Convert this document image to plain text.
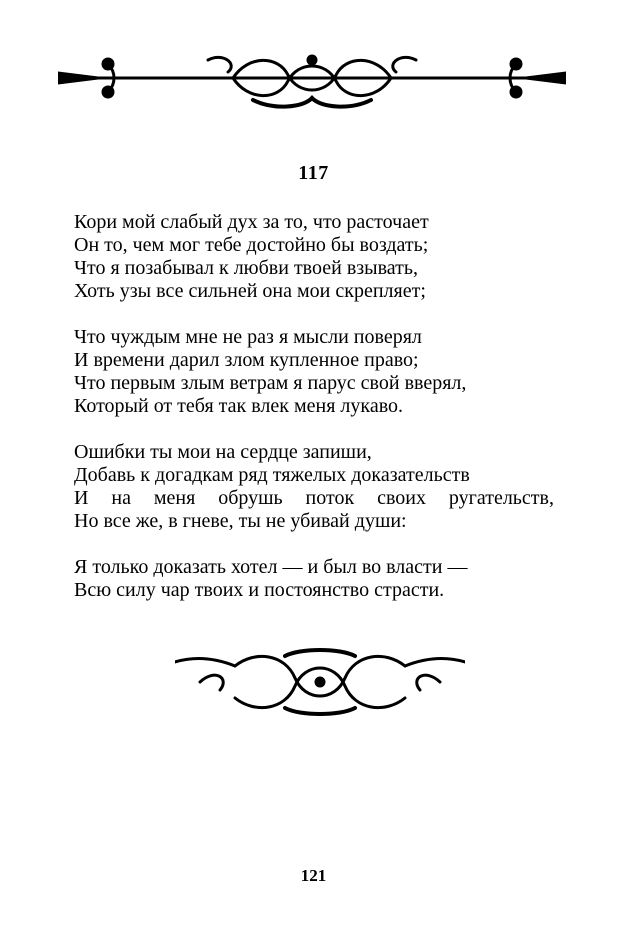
117
Кори мой слабый дух за то, что расточает
Он то, чем мог тебе достойно бы воздать;
Что я позабывал к любви твоей взывать,
Хоть узы все сильней она мои скрепляет;
Что чуждым мне не раз я мысли поверял
И времени дарил злом купленное право;
Что первым злым ветрам я парус свой вверял,
Который от тебя так влек меня лукаво.
Ошибки ты мои на сердце запиши,
Добавь к догадкам ряд тяжелых доказательств
И на меня обрушь поток своих ругательств,
Но все же, в гневе, ты не убивай души:
Я только доказать хотел — и был во власти —
Всю силу чар твоих и постоянство страсти.
121
